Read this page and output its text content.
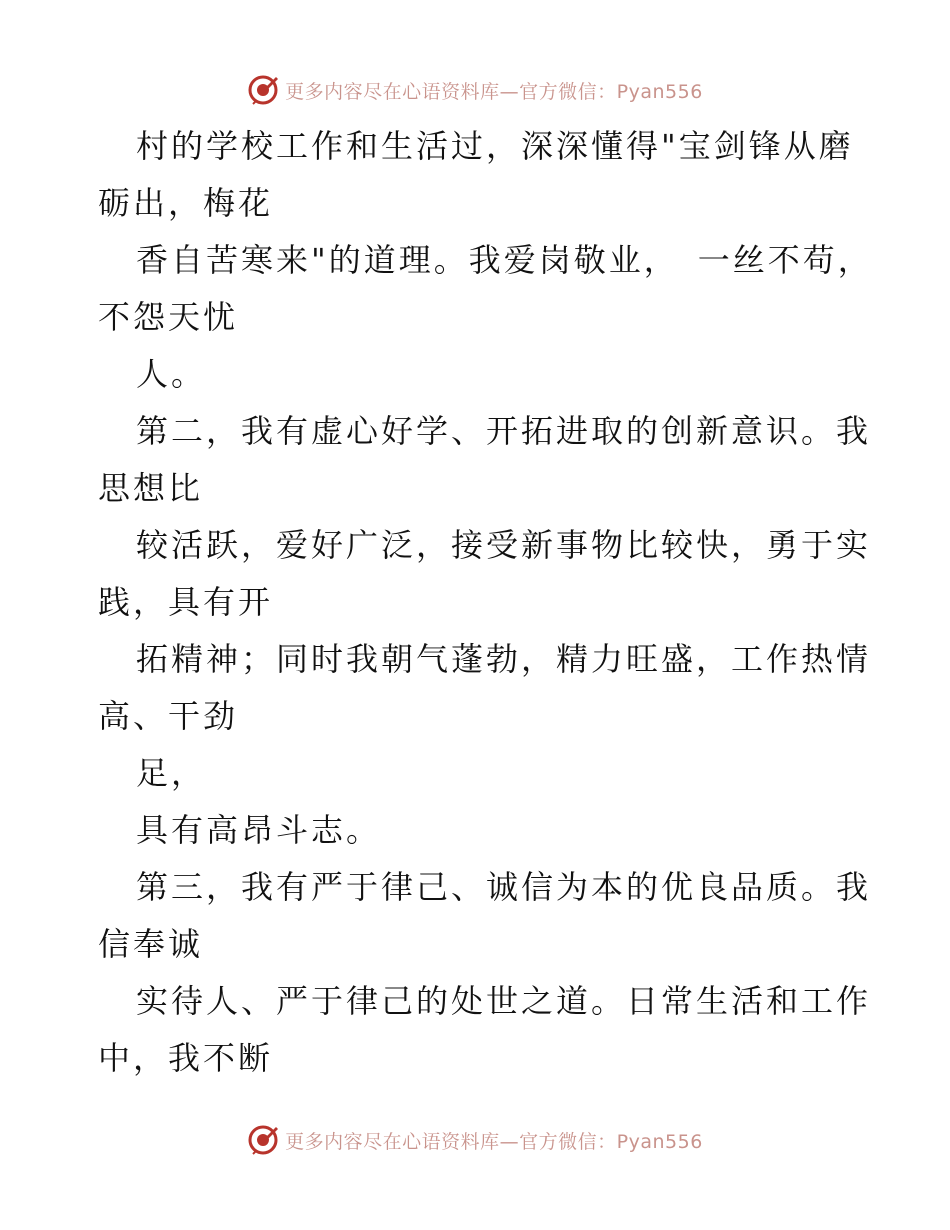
更多内容尽在心语资料库—官方微信：Pyan556
村的学校工作和生活过，深深懂得"宝剑锋从磨
砺出，梅花
香自苦寒来"的道理。我爱岗敬业，　一丝不苟，
不怨天忧
人。
第二，我有虚心好学、开拓进取的创新意识。我
思想比
较活跃，爱好广泛，接受新事物比较快，勇于实
践，具有开
拓精神；同时我朝气蓬勃，精力旺盛，工作热情
高、干劲
足，
具有高昂斗志。
第三，我有严于律己、诚信为本的优良品质。我
信奉诚
实待人、严于律己的处世之道。日常生活和工作
中，我不断
更多内容尽在心语资料库—官方微信：Pyan556
